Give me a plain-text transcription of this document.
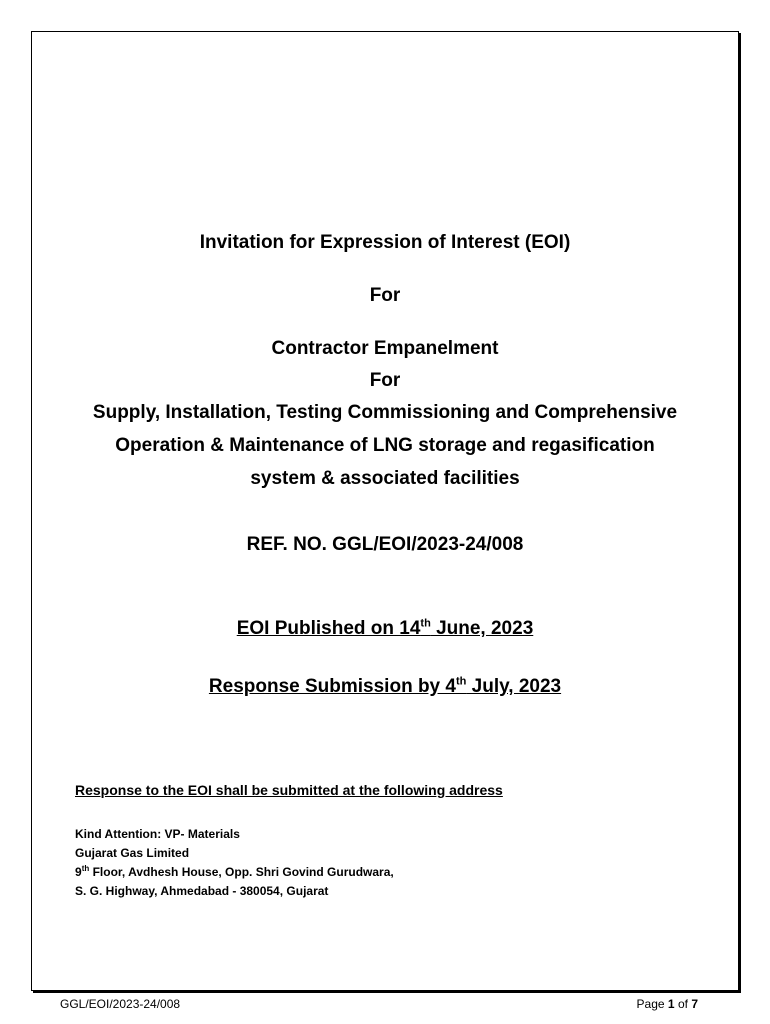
Invitation for Expression of Interest (EOI)
For
Contractor Empanelment
For
Supply, Installation, Testing Commissioning and Comprehensive
Operation & Maintenance of LNG storage and regasification
system & associated facilities
REF. NO. GGL/EOI/2023-24/008
EOI Published on 14th June, 2023
Response Submission by 4th July, 2023
Response to the EOI shall be submitted at the following address
Kind Attention: VP- Materials
Gujarat Gas Limited
9th Floor, Avdhesh House, Opp. Shri Govind Gurudwara,
S. G. Highway, Ahmedabad - 380054, Gujarat
GGL/EOI/2023-24/008	Page 1 of 7
